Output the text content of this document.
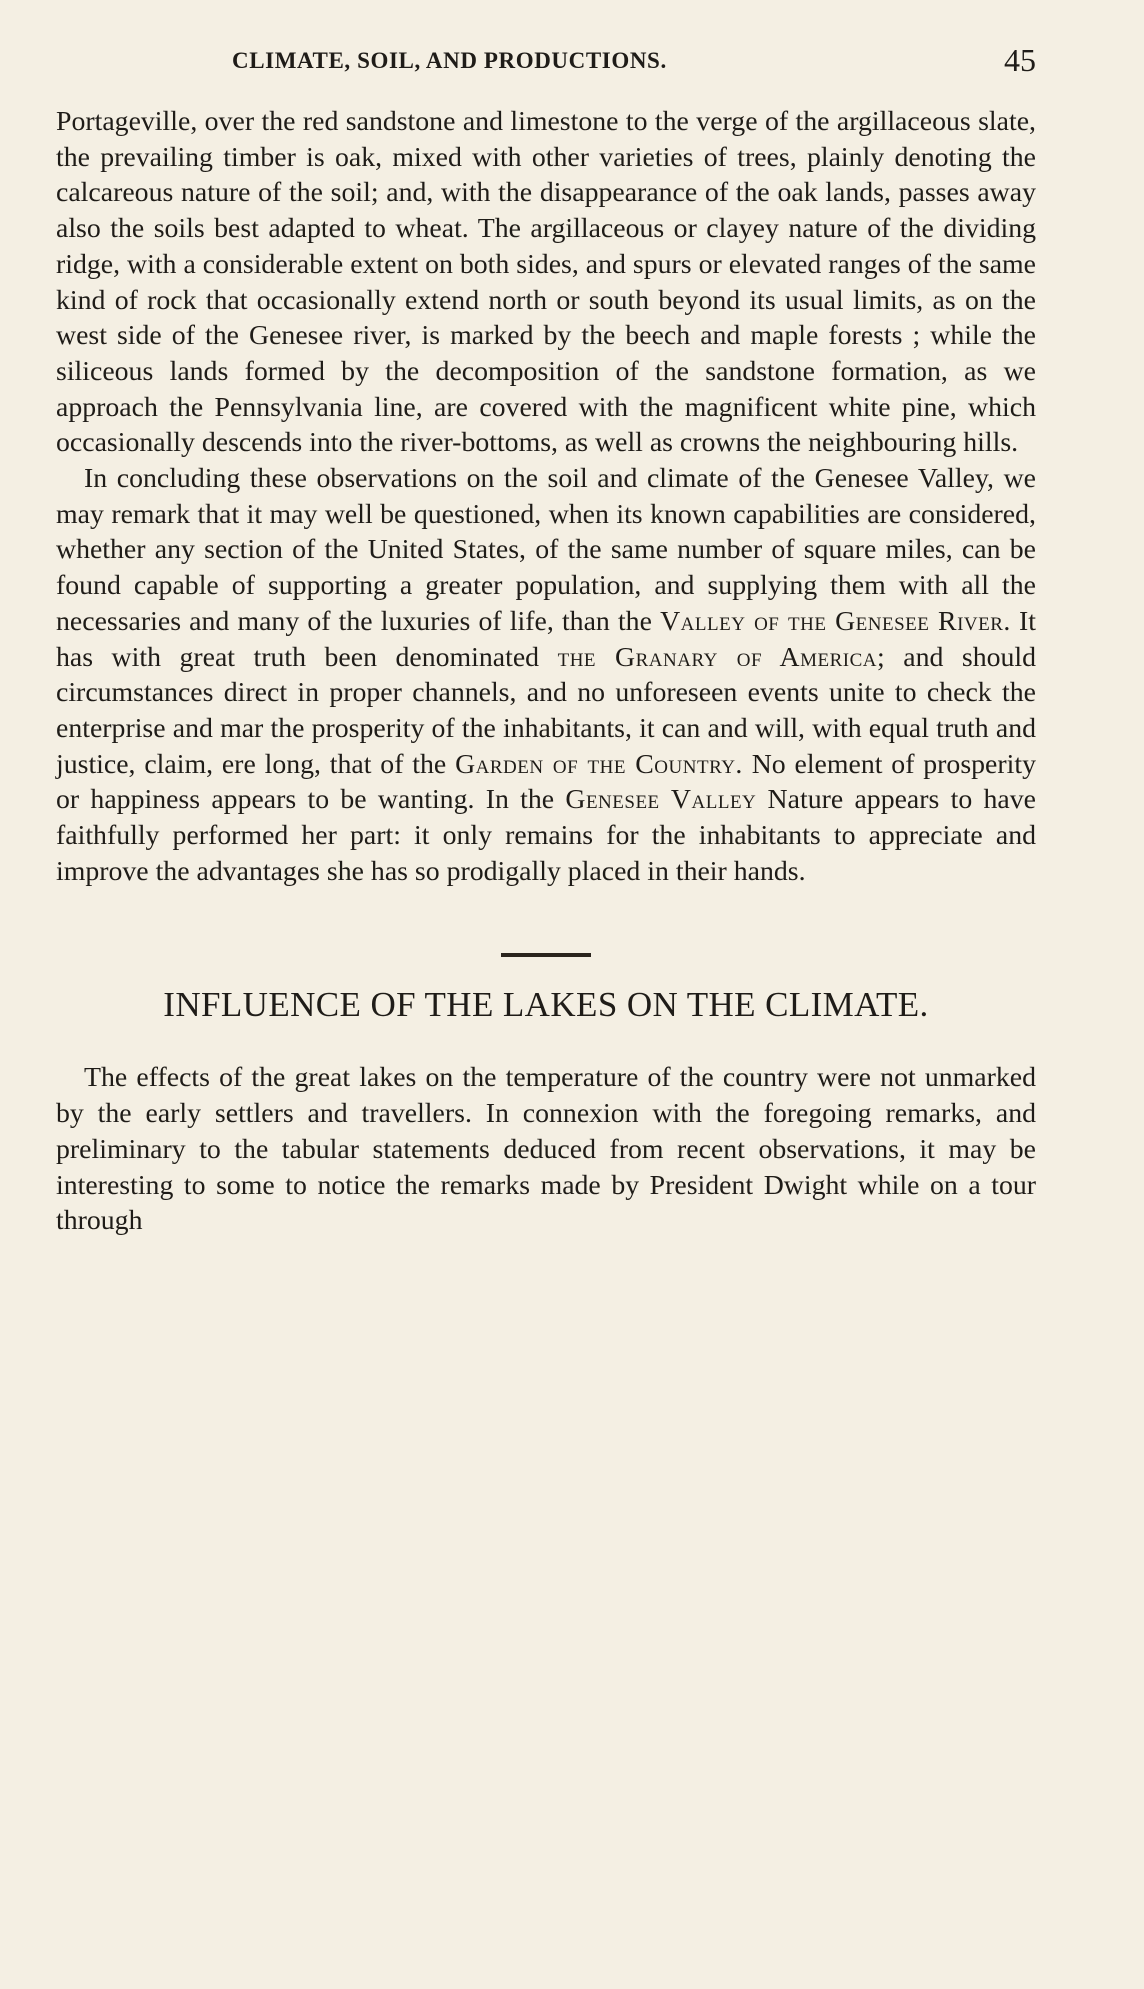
CLIMATE, SOIL, AND PRODUCTIONS.	45

Portageville, over the red sandstone and limestone to the verge of the argillaceous slate, the prevailing timber is oak, mixed with other varieties of trees, plainly denoting the calcareous nature of the soil; and, with the disappearance of the oak lands, passes away also the soils best adapted to wheat. The argillaceous or clayey nature of the dividing ridge, with a considerable extent on both sides, and spurs or elevated ranges of the same kind of rock that occasionally extend north or south beyond its usual limits, as on the west side of the Genesee river, is marked by the beech and maple forests ; while the siliceous lands formed by the decomposition of the sandstone formation, as we approach the Pennsylvania line, are covered with the magnificent white pine, which occasionally descends into the river-bottoms, as well as crowns the neighbouring hills.

In concluding these observations on the soil and climate of the Genesee Valley, we may remark that it may well be questioned, when its known capabilities are considered, whether any section of the United States, of the same number of square miles, can be found capable of supporting a greater population, and supplying them with all the necessaries and many of the luxuries of life, than the Valley of the Genesee River. It has with great truth been denominated the Granary of America; and should circumstances direct in proper channels, and no unforeseen events unite to check the enterprise and mar the prosperity of the inhabitants, it can and will, with equal truth and justice, claim, ere long, that of the Garden of the Country. No element of prosperity or happiness appears to be wanting. In the Genesee Valley Nature appears to have faithfully performed her part: it only remains for the inhabitants to appreciate and improve the advantages she has so prodigally placed in their hands.

INFLUENCE OF THE LAKES ON THE CLIMATE.

The effects of the great lakes on the temperature of the country were not unmarked by the early settlers and travellers. In connexion with the foregoing remarks, and preliminary to the tabular statements deduced from recent observations, it may be interesting to some to notice the remarks made by President Dwight while on a tour through
